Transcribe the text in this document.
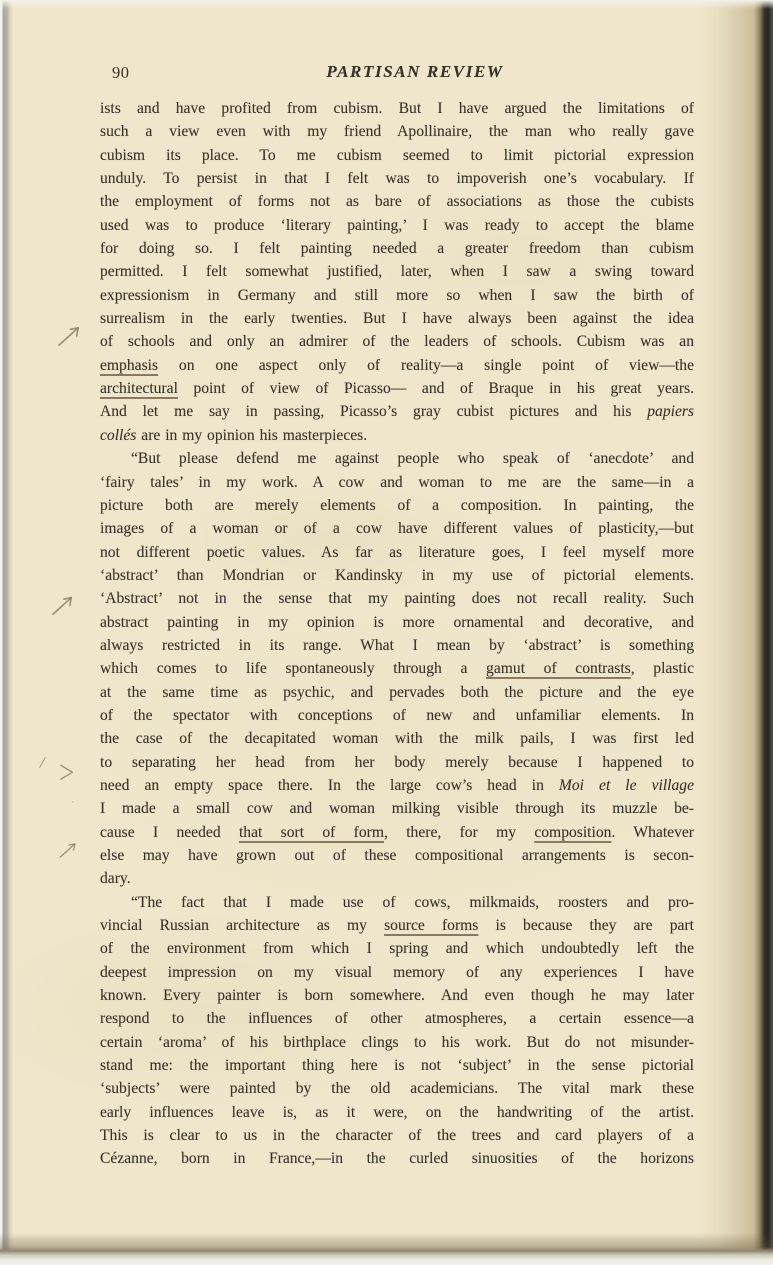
90	PARTISAN REVIEW
ists and have profited from cubism. But I have argued the limitations of
such a view even with my friend Apollinaire, the man who really gave
cubism its place. To me cubism seemed to limit pictorial expression
unduly. To persist in that I felt was to impoverish one’s vocabulary. If
the employment of forms not as bare of associations as those the cubists
used was to produce ‘literary painting,’ I was ready to accept the blame
for doing so. I felt painting needed a greater freedom than cubism
permitted. I felt somewhat justified, later, when I saw a swing toward
expressionism in Germany and still more so when I saw the birth of
surrealism in the early twenties. But I have always been against the idea
of schools and only an admirer of the leaders of schools. Cubism was an
emphasis on one aspect only of reality—a single point of view—the
architectural point of view of Picasso— and of Braque in his great years.
And let me say in passing, Picasso’s gray cubist pictures and his papiers
collés are in my opinion his masterpieces.
“But please defend me against people who speak of ‘anecdote’ and
‘fairy tales’ in my work. A cow and woman to me are the same—in a
picture both are merely elements of a composition. In painting, the
images of a woman or of a cow have different values of plasticity,—but
not different poetic values. As far as literature goes, I feel myself more
‘abstract’ than Mondrian or Kandinsky in my use of pictorial elements.
‘Abstract’ not in the sense that my painting does not recall reality. Such
abstract painting in my opinion is more ornamental and decorative, and
always restricted in its range. What I mean by ‘abstract’ is something
which comes to life spontaneously through a gamut of contrasts, plastic
at the same time as psychic, and pervades both the picture and the eye
of the spectator with conceptions of new and unfamiliar elements. In
the case of the decapitated woman with the milk pails, I was first led
to separating her head from her body merely because I happened to
need an empty space there. In the large cow’s head in Moi et le village
I made a small cow and woman milking visible through its muzzle be-
cause I needed that sort of form, there, for my composition. Whatever
else may have grown out of these compositional arrangements is secon-
dary.
“The fact that I made use of cows, milkmaids, roosters and pro-
vincial Russian architecture as my source forms is because they are part
of the environment from which I spring and which undoubtedly left the
deepest impression on my visual memory of any experiences I have
known. Every painter is born somewhere. And even though he may later
respond to the influences of other atmospheres, a certain essence—a
certain ‘aroma’ of his birthplace clings to his work. But do not misunder-
stand me: the important thing here is not ‘subject’ in the sense pictorial
‘subjects’ were painted by the old academicians. The vital mark these
early influences leave is, as it were, on the handwriting of the artist.
This is clear to us in the character of the trees and card players of a
Cézanne, born in France,—in the curled sinuosities of the horizons
